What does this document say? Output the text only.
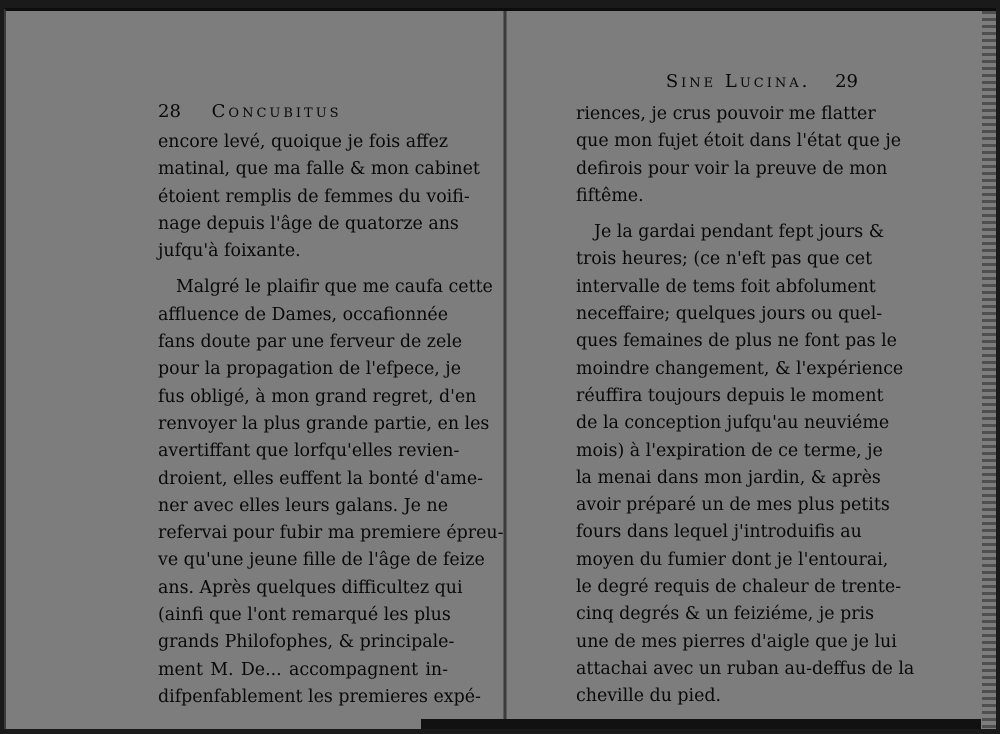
28 Concubitus
encore levé, quoique je fois affez
matinal, que ma falle & mon cabinet
étoient remplis de femmes du voifi-
nage depuis l'âge de quatorze ans
jufqu'à foixante.
Malgré le plaifir que me caufa cette
affluence de Dames, occafionnée
fans doute par une ferveur de zele
pour la propagation de l'efpece, je
fus obligé, à mon grand regret, d'en
renvoyer la plus grande partie, en les
avertiffant que lorfqu'elles revien-
droient, elles euffent la bonté d'ame-
ner avec elles leurs galans. Je ne
refervai pour fubir ma premiere épreu-
ve qu'une jeune fille de l'âge de feize
ans. Après quelques difficultez qui
(ainfi que l'ont remarqué les plus
grands Philofophes, & principale-
ment M. De... accompagnent in-
difpenfablement les premieres expé-
Sine Lucina. 29
riences, je crus pouvoir me flatter
que mon fujet étoit dans l'état que je
defirois pour voir la preuve de mon
fiftême.
Je la gardai pendant fept jours &
trois heures; (ce n'eft pas que cet
intervalle de tems foit abfolument
neceffaire; quelques jours ou quel-
ques femaines de plus ne font pas le
moindre changement, & l'expérience
réuffira toujours depuis le moment
de la conception jufqu'au neuviéme
mois) à l'expiration de ce terme, je
la menai dans mon jardin, & après
avoir préparé un de mes plus petits
fours dans lequel j'introduifis au
moyen du fumier dont je l'entourai,
le degré requis de chaleur de trente-
cinq degrés & un feiziéme, je pris
une de mes pierres d'aigle que je lui
attachai avec un ruban au-deffus de la
cheville du pied.
